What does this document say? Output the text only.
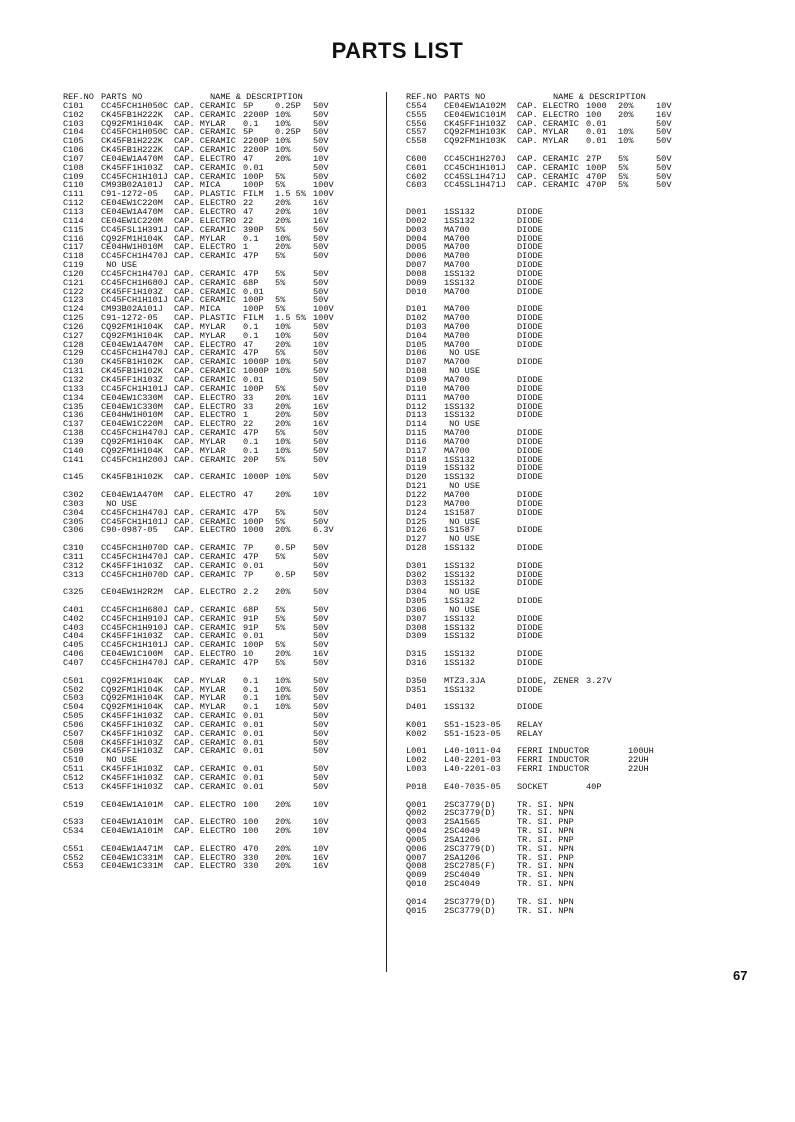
PARTS LIST
REF.NO PARTS NO	NAME & DESCRIPTION
C101 CC45FCH1H050C CAP. CERAMIC 5P	0.25P 50V
C102 CK45FB1H222K CAP. CERAMIC 2200P 10%	50V
C103 CQ92FM1H104K CAP. MYLAR 0.1 10%	50V
C104 CC45FCH1H050C CAP. CERAMIC 5P	0.25P 50V
C105 CK45FB1H222K CAP. CERAMIC 2200P 10%	50V
C106 CK45FB1H222K CAP. CERAMIC 2200P 10%	50V
C107 CE04EW1A470M CAP. ELECTRO 47	20%	10V
C108 CK45FF1H103Z CAP. CERAMIC 0.01	50V
C109 CC45FCH1H101J CAP. CERAMIC 100P 5%	50V
C110 CM93B02A101J CAP. MICA	100P 5%	100V
C111 C91-1272-05 CAP. PLASTIC FILM 1.5 5% 100V
C112 CE04EW1C220M CAP. ELECTRO 22	20%	16V
C113 CE04EW1A470M CAP. ELECTRO 47	20%	10V
C114 CE04EW1C220M CAP. ELECTRO 22	20%	16V
C115 CC45FSL1H391J CAP. CERAMIC 390P 5%	50V
C116 CQ92FM1H104K CAP. MYLAR 0.1 10%	50V
C117 CE04HW1H010M CAP. ELECTRO 1	20%	50V
C118 CC45FCH1H470J CAP. CERAMIC 47P 5%	50V
C119 NO USE
C120 CC45FCH1H470J CAP. CERAMIC 47P 5%	50V
C121 CC45FCH1H680J CAP. CERAMIC 68P 5%	50V
C122 CK45FF1H103Z CAP. CERAMIC 0.01	50V
C123 CC45FCH1H101J CAP. CERAMIC 100P 5%	50V
C124 CM93B02A101J CAP. MICA	100P 5%	100V
C125 C91-1272-05 CAP. PLASTIC FILM 1.5 5% 100V
C126 CQ92FM1H104K CAP. MYLAR 0.1 10%	50V
C127 CQ92FM1H104K CAP. MYLAR 0.1 10%	50V
C128 CE04EW1A470M CAP. ELECTRO 47	20%	10V
C129 CC45FCH1H470J CAP. CERAMIC 47P 5%	50V
C130 CK45FB1H102K CAP. CERAMIC 1000P 10%	50V
C131 CK45FB1H102K CAP. CERAMIC 1000P 10%	50V
C132 CK45FF1H103Z CAP. CERAMIC 0.01	50V
C133 CC45FCH1H101J CAP. CERAMIC 100P 5%	50V
C134 CE04EW1C330M CAP. ELECTRO 33	20%	16V
C135 CE04EW1C330M CAP. ELECTRO 33	20%	16V
C136 CE04HW1H010M CAP. ELECTRO 1	20%	50V
C137 CE04EW1C220M CAP. ELECTRO 22	20%	16V
C138 CC45FCH1H470J CAP. CERAMIC 47P 5%	50V
C139 CQ92FM1H104K CAP. MYLAR 0.1 10%	50V
C140 CQ92FM1H104K CAP. MYLAR 0.1 10%	50V
C141 CC45FCH1H200J CAP. CERAMIC 20P 5%	50V
C145 CK45FB1H102K CAP. CERAMIC 1000P 10%	50V
C302 CE04EW1A470M CAP. ELECTRO 47	20%	10V
C303 NO USE
C304 CC45FCH1H470J CAP. CERAMIC 47P 5%	50V
C305 CC45FCH1H101J CAP. CERAMIC 100P 5%	50V
C306 C90-0987-05 CAP. ELECTRO 1000 20%	6.3V
C310 CC45FCH1H070D CAP. CERAMIC 7P	0.5P 50V
C311 CC45FCH1H470J CAP. CERAMIC 47P 5%	50V
C312 CK45FF1H103Z CAP. CERAMIC 0.01	50V
C313 CC45FCH1H070D CAP. CERAMIC 7P	0.5P 50V
C325 CE04EW1H2R2M CAP. ELECTRO 2.2 20%	50V
C401 CC45FCH1H680J CAP. CERAMIC 68P 5%	50V
C402 CC45FCH1H910J CAP. CERAMIC 91P 5%	50V
C403 CC45FCH1H910J CAP. CERAMIC 91P 5%	50V
C404 CK45FF1H103Z CAP. CERAMIC 0.01	50V
C405 CC45FCH1H101J CAP. CERAMIC 100P 5%	50V
C406 CE04EW1C100M CAP. ELECTRO 10	20%	16V
C407 CC45FCH1H470J CAP. CERAMIC 47P 5%	50V
C501 CQ92FM1H104K CAP. MYLAR 0.1 10%	50V
C502 CQ92FM1H104K CAP. MYLAR 0.1 10%	50V
C503 CQ92FM1H104K CAP. MYLAR 0.1 10%	50V
C504 CQ92FM1H104K CAP. MYLAR 0.1 10%	50V
C505 CK45FF1H103Z CAP. CERAMIC 0.01	50V
C506 CK45FF1H103Z CAP. CERAMIC 0.01	50V
C507 CK45FF1H103Z CAP. CERAMIC 0.01	50V
C508 CK45FF1H103Z CAP. CERAMIC 0.01	50V
C509 CK45FF1H103Z CAP. CERAMIC 0.01	50V
C510 NO USE
C511 CK45FF1H103Z CAP. CERAMIC 0.01	50V
C512 CK45FF1H103Z CAP. CERAMIC 0.01	50V
C513 CK45FF1H103Z CAP. CERAMIC 0.01	50V
C519 CE04EW1A101M CAP. ELECTRO 100 20%	10V
C533 CE04EW1A101M CAP. ELECTRO 100 20%	10V
C534 CE04EW1A101M CAP. ELECTRO 100 20%	10V
C551 CE04EW1A471M CAP. ELECTRO 470 20%	10V
C552 CE04EW1C331M CAP. ELECTRO 330 20%	16V
C553 CE04EW1C331M CAP. ELECTRO 330 20%	16V
REF.NO PARTS NO	NAME & DESCRIPTION
C554 CE04EW1A102M CAP. ELECTRO 1000 20%	10V
C555 CE04EW1C101M CAP. ELECTRO 100 20%	16V
C556 CK45FF1H103Z CAP. CERAMIC 0.01	50V
C557 CQ92FM1H103K CAP. MYLAR 0.01 10%	50V
C558 CQ92FM1H103K CAP. MYLAR 0.01 10%	50V
C600 CC45CH1H270J CAP. CERAMIC 27P 5%	50V
C601 CC45CH1H101J CAP. CERAMIC 100P 5%	50V
C602 CC45SL1H471J CAP. CERAMIC 470P 5%	50V
C603 CC45SL1H471J CAP. CERAMIC 470P 5%	50V
D001 1SS132	DIODE
D002 1SS132	DIODE
D003 MA700	DIODE
D004 MA700	DIODE
D005 MA700	DIODE
D006 MA700	DIODE
D007 MA700	DIODE
D008 1SS132	DIODE
D009 1SS132	DIODE
D010 MA700	DIODE
D101 MA700	DIODE
D102 MA700	DIODE
D103 MA700	DIODE
D104 MA700	DIODE
D105 MA700	DIODE
D106 NO USE
D107 MA700	DIODE
D108 NO USE
D109 MA700	DIODE
D110 MA700	DIODE
D111 MA700	DIODE
D112 1SS132	DIODE
D113 1SS132	DIODE
D114 NO USE
D115 MA700	DIODE
D116 MA700	DIODE
D117 MA700	DIODE
D118 1SS132	DIODE
D119 1SS132	DIODE
D120 1SS132	DIODE
D121 NO USE
D122 MA700	DIODE
D123 MA700	DIODE
D124 1S1587	DIODE
D125 NO USE
D126 1S1587	DIODE
D127 NO USE
D128 1SS132	DIODE
D301 1SS132	DIODE
D302 1SS132	DIODE
D303 1SS132	DIODE
D304 NO USE
D305 1SS132	DIODE
D306 NO USE
D307 1SS132	DIODE
D308 1SS132	DIODE
D309 1SS132	DIODE
D315 1SS132	DIODE
D316 1SS132	DIODE
D350 MTZ3.3JA	DIODE, ZENER 3.27V
D351 1SS132	DIODE
D401 1SS132	DIODE
K001 S51-1523-05 RELAY
K002 S51-1523-05 RELAY
L001 L40-1011-04 FERRI INDUCTOR	100UH
L002 L40-2201-03 FERRI INDUCTOR	22UH
L003 L40-2201-03 FERRI INDUCTOR	22UH
P018 E40-7035-05 SOCKET	40P
Q001 2SC3779(D) TR. SI. NPN
Q002 2SC3779(D) TR. SI. NPN
Q003 2SA1565	TR. SI. PNP
Q004 2SC4049	TR. SI. NPN
Q005 2SA1206	TR. SI. PNP
Q006 2SC3779(D) TR. SI. NPN
Q007 2SA1206	TR. SI. PNP
Q008 2SC2785(F) TR. SI. NPN
Q009 2SC4049	TR. SI. NPN
Q010 2SC4049	TR. SI. NPN
Q014 2SC3779(D) TR. SI. NPN
Q015 2SC3779(D) TR. SI. NPN
67
